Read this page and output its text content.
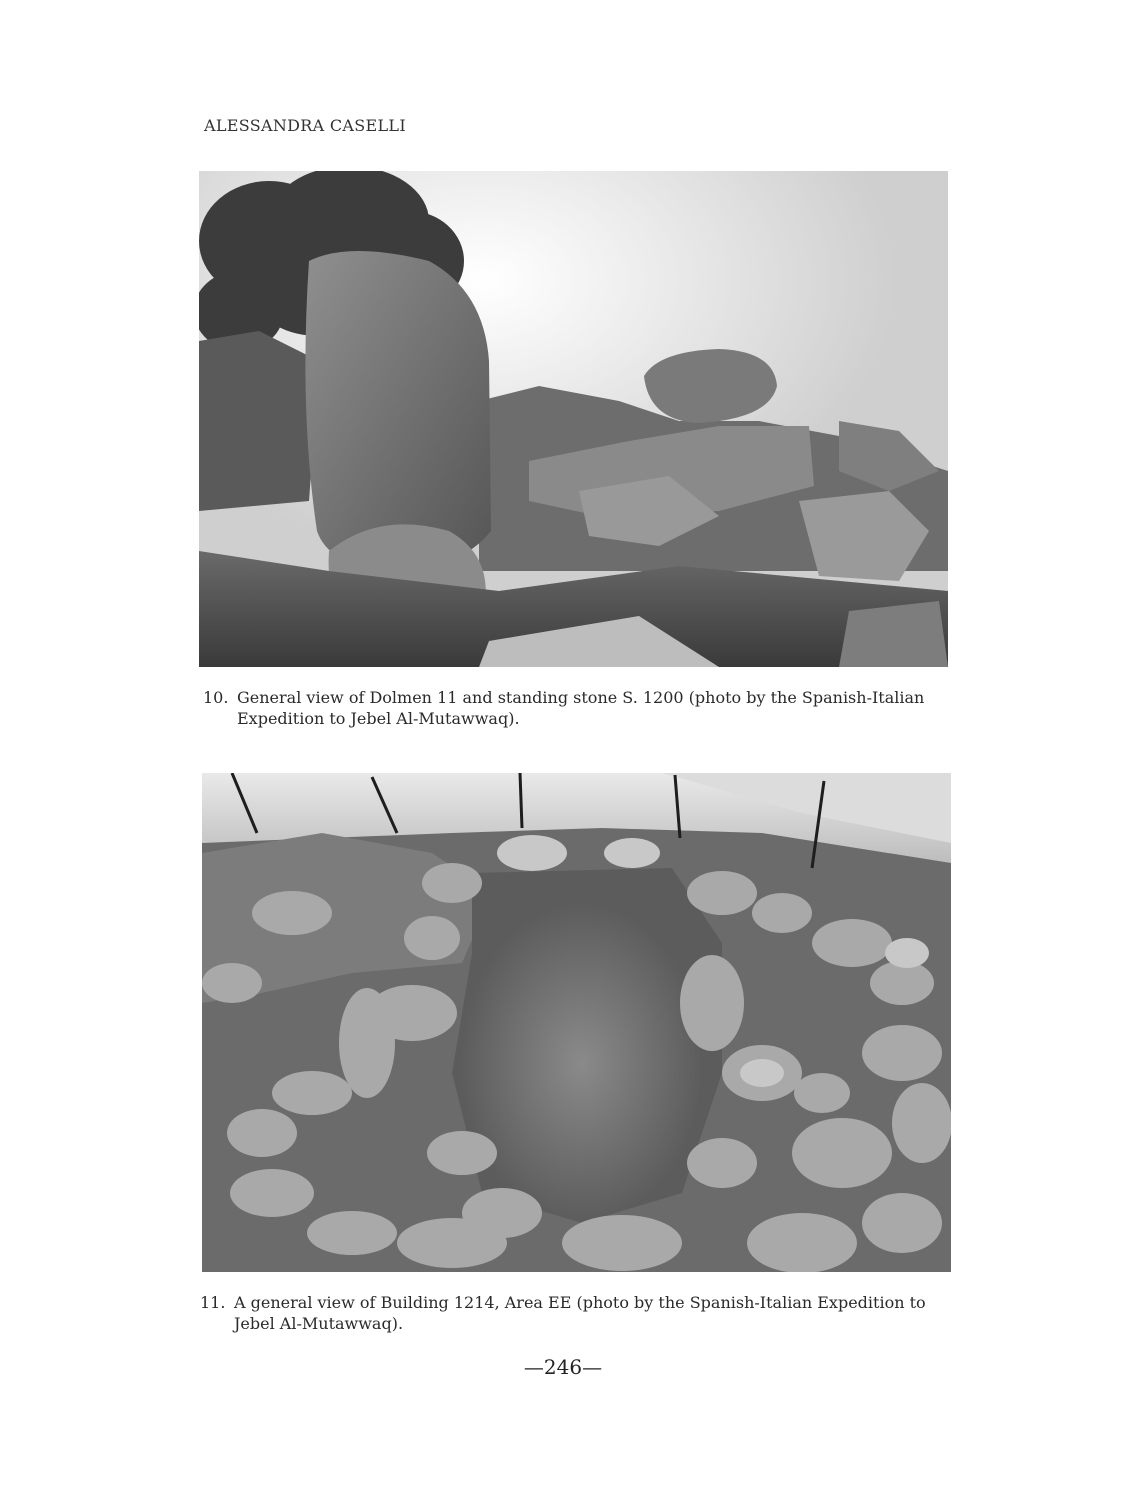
ALESSANDRA CASELLI
10. General view of Dolmen 11 and standing stone S. 1200 (photo by the Spanish-Italian Expedition to Jebel Al-Mutawwaq).
11. A general view of Building 1214, Area EE (photo by the Spanish-Italian Expedition to Jebel Al-Mutawwaq).
—246—
